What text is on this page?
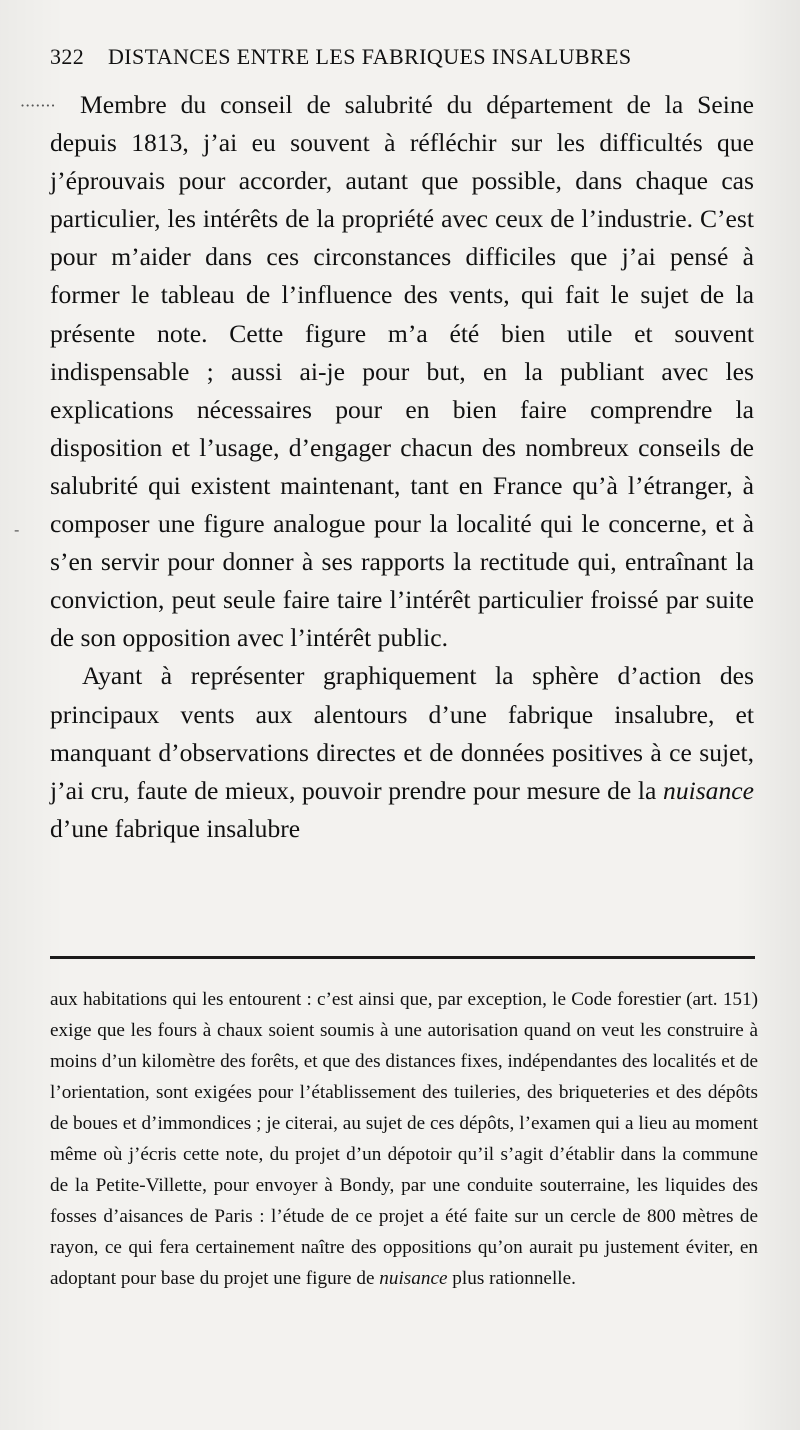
322 DISTANCES ENTRE LES FABRIQUES INSALUBRES

Membre du conseil de salubrité du département de la Seine depuis 1813, j’ai eu souvent à réfléchir sur les difficultés que j’éprouvais pour accorder, autant que possible, dans chaque cas particulier, les intérêts de la propriété avec ceux de l’industrie. C’est pour m’aider dans ces circonstances difficiles que j’ai pensé à former le tableau de l’influence des vents, qui fait le sujet de la présente note. Cette figure m’a été bien utile et souvent indispensable ; aussi ai-je pour but, en la publiant avec les explications nécessaires pour en bien faire comprendre la disposition et l’usage, d’engager chacun des nombreux conseils de salubrité qui existent maintenant, tant en France qu’à l’étranger, à composer une figure analogue pour la localité qui le concerne, et à s’en servir pour donner à ses rapports la rectitude qui, entraînant la conviction, peut seule faire taire l’intérêt particulier froissé par suite de son opposition avec l’intérêt public.

Ayant à représenter graphiquement la sphère d’action des principaux vents aux alentours d’une fabrique insalubre, et manquant d’observations directes et de données positives à ce sujet, j’ai cru, faute de mieux, pouvoir prendre pour mesure de la nuisance d’une fabrique insalubre

aux habitations qui les entourent : c’est ainsi que, par exception, le Code forestier (art. 151) exige que les fours à chaux soient soumis à une autorisation quand on veut les construire à moins d’un kilomètre des forêts, et que des distances fixes, indépendantes des localités et de l’orientation, sont exigées pour l’établissement des tuileries, des briqueteries et des dépôts de boues et d’immondices ; je citerai, au sujet de ces dépôts, l’examen qui a lieu au moment même où j’écris cette note, du projet d’un dépotoir qu’il s’agit d’établir dans la commune de la Petite-Villette, pour envoyer à Bondy, par une conduite souterraine, les liquides des fosses d’aisances de Paris : l’étude de ce projet a été faite sur un cercle de 800 mètres de rayon, ce qui fera certainement naître des oppositions qu’on aurait pu justement éviter, en adoptant pour base du projet une figure de nuisance plus rationnelle.

·······
-
